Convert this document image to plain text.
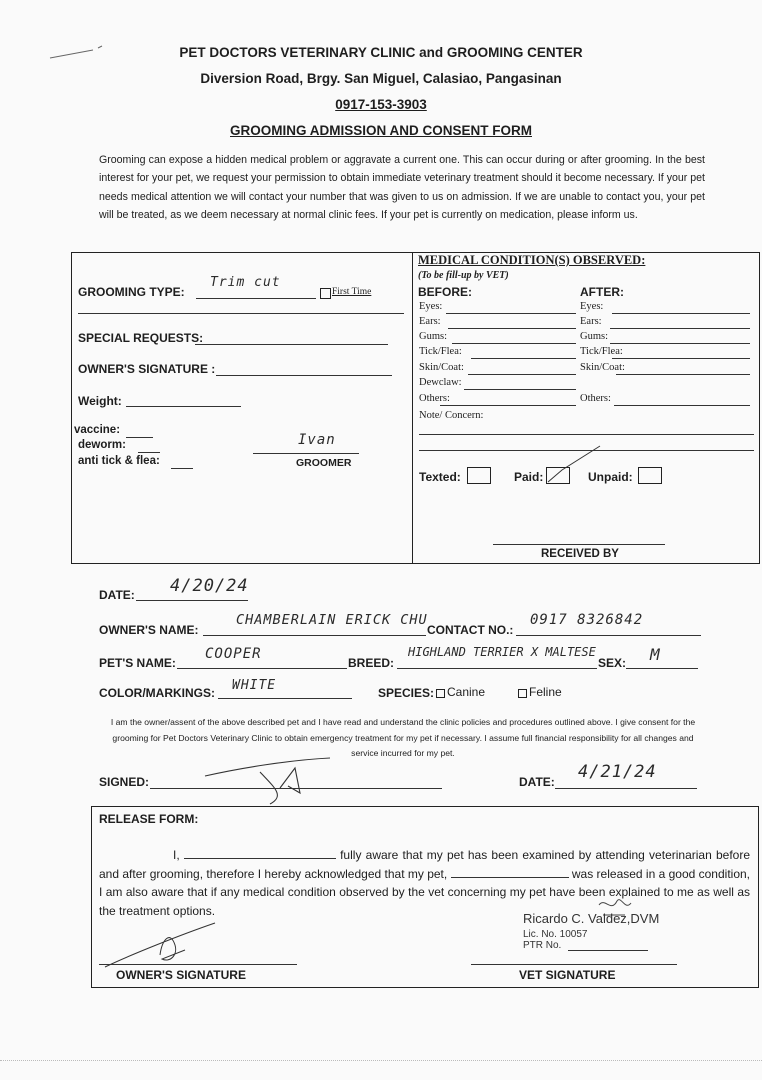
PET DOCTORS VETERINARY CLINIC and GROOMING CENTER
Diversion Road, Brgy. San Miguel, Calasiao, Pangasinan
0917-153-3903
GROOMING ADMISSION AND CONSENT FORM
Grooming can expose a hidden medical problem or aggravate a current one. This can occur during or after grooming. In the best interest for your pet, we request your permission to obtain immediate veterinary treatment should it become necessary. If your pet needs medical attention we will contact your number that was given to us on admission. If we are unable to contact you, your pet will be treated, as we deem necessary at normal clinic fees. If your pet is currently on medication, please inform us.
GROOMING TYPE:
Trim cut
First Time
SPECIAL REQUESTS:
OWNER'S SIGNATURE :
Weight:
vaccine:
deworm:
anti tick & flea:
Ivan
GROOMER
MEDICAL CONDITION(S) OBSERVED:
(To be fill-up by VET)
BEFORE:	AFTER:
Eyes:	Eyes:
Ears:	Ears:
Gums:	Gums:
Tick/Flea:	Tick/Flea:
Skin/Coat:	Skin/Coat:
Dewclaw:
Others:	Others:
Note/ Concern:
Texted:	Paid:	Unpaid:
RECEIVED BY
DATE: 4/20/24
OWNER'S NAME:
CHAMBERLAIN ERICK CHU
CONTACT NO.:
0917 8326842
PET'S NAME:
COOPER
BREED:
HIGHLAND TERRIER X MALTESE
SEX: M
COLOR/MARKINGS: WHITE	SPECIES: Canine	Feline
I am the owner/assent of the above described pet and I have read and understand the clinic policies and procedures outlined above. I give consent for the grooming for Pet Doctors Veterinary Clinic to obtain emergency treatment for my pet if necessary. I assume full financial responsibility for all changes and service incurred for my pet.
SIGNED:	DATE: 4/21/24
RELEASE FORM:
I,	fully aware that my pet has been examined by attending veterinarian before and after grooming, therefore I hereby acknowledged that my pet,	was released in a good condition, I am also aware that if any medical condition observed by the vet concerning my pet have been explained to me as well as the treatment options.
OWNER'S SIGNATURE
Ricardo C. Valdez,DVM
Lic. No. 10057
PTR No.
VET SIGNATURE
